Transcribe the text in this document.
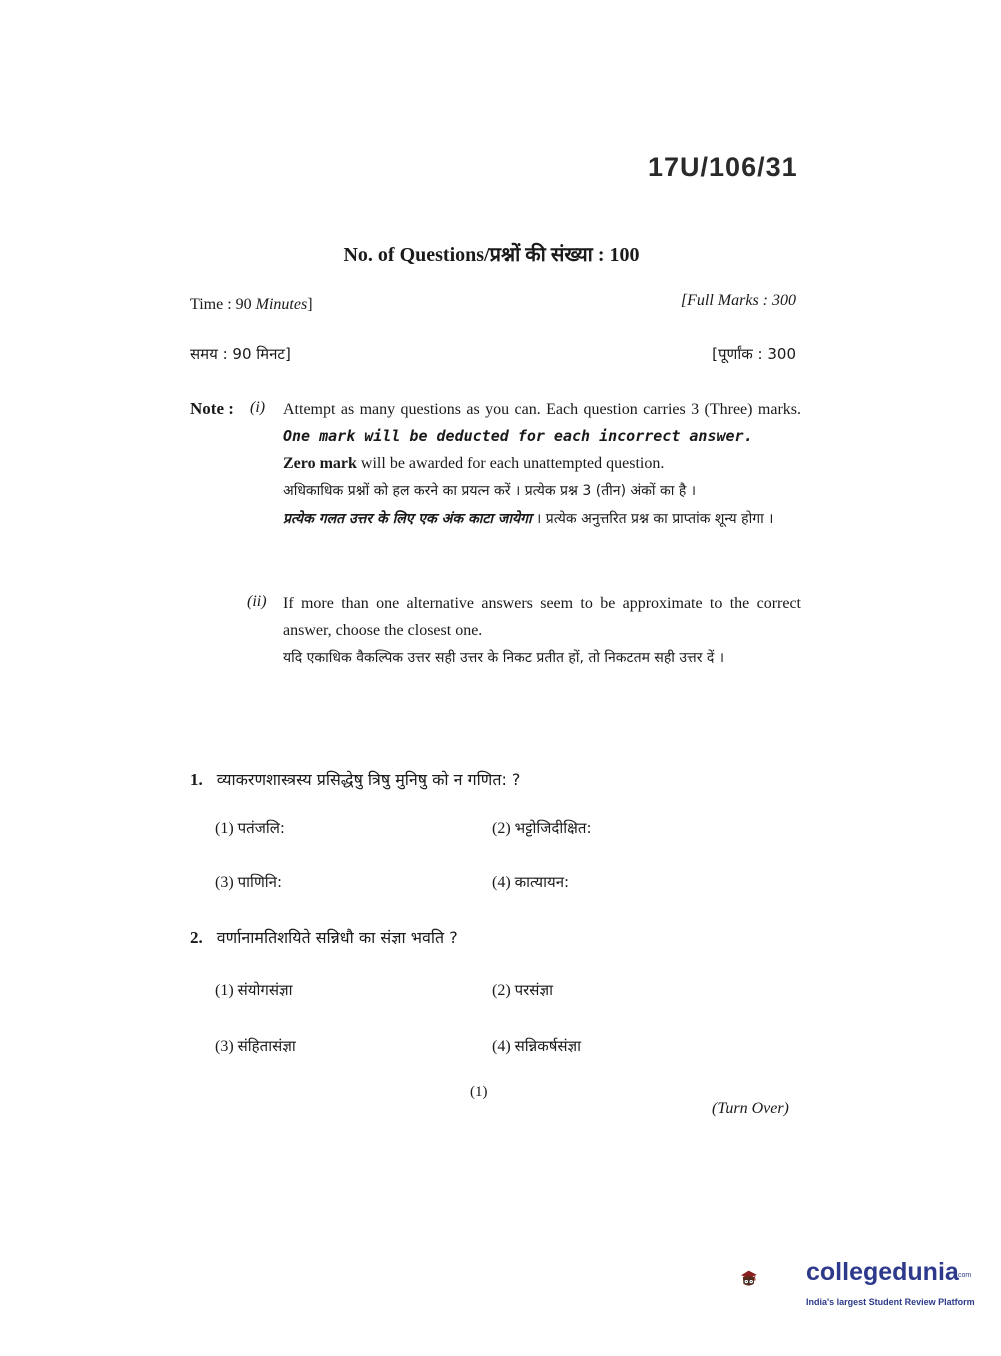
17U/106/31
No. of Questions/प्रश्नों की संख्या : 100
Time : 90 Minutes]	[Full Marks : 300
समय : 90 मिनट]	[पूर्णांक : 300
Note : (i) Attempt as many questions as you can. Each question carries 3 (Three) marks. One mark will be deducted for each incorrect answer.
Zero mark will be awarded for each unattempted question.
अधिकाधिक प्रश्नों को हल करने का प्रयत्न करें । प्रत्येक प्रश्न 3 (तीन) अंकों का है ।
प्रत्येक गलत उत्तर के लिए एक अंक काटा जायेगा । प्रत्येक अनुत्तरित प्रश्न का प्राप्तांक शून्य होगा ।
(ii) If more than one alternative answers seem to be approximate to the correct answer, choose the closest one.
यदि एकाधिक वैकल्पिक उत्तर सही उत्तर के निकट प्रतीत हों, तो निकटतम सही उत्तर दें ।
1. व्याकरणशास्त्रस्य प्रसिद्धेषु त्रिषु मुनिषु को न गणित: ?
(1) पतंजलि:	(2) भट्टोजिदीक्षित:
(3) पाणिनि:	(4) कात्यायन:
2. वर्णानामतिशयिते सन्निधौ का संज्ञा भवति ?
(1) संयोगसंज्ञा	(2) परसंज्ञा
(3) संहितासंज्ञा	(4) सन्निकर्षसंज्ञा
(1)
(Turn Over)
collegedunia
.com
India's largest Student Review Platform
